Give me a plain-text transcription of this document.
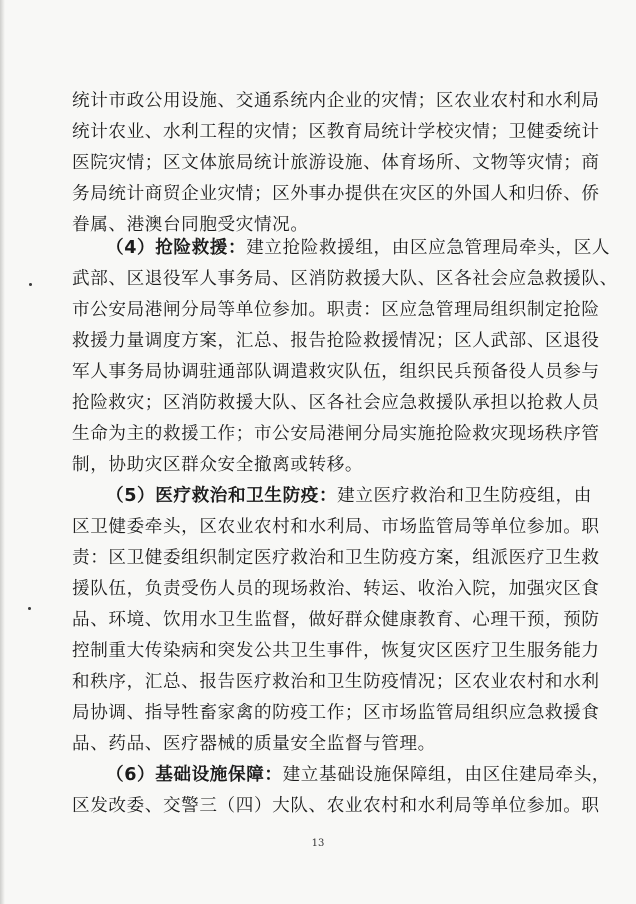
统计市政公用设施、交通系统内企业的灾情；区农业农村和水利局
统计农业、水利工程的灾情；区教育局统计学校灾情；卫健委统计
医院灾情；区文体旅局统计旅游设施、体育场所、文物等灾情；商
务局统计商贸企业灾情；区外事办提供在灾区的外国人和归侨、侨
眷属、港澳台同胞受灾情况。
（4）抢险救援：建立抢险救援组，由区应急管理局牵头，区人
武部、区退役军人事务局、区消防救援大队、区各社会应急救援队、
市公安局港闸分局等单位参加。职责：区应急管理局组织制定抢险
救援力量调度方案，汇总、报告抢险救援情况；区人武部、区退役
军人事务局协调驻通部队调遣救灾队伍，组织民兵预备役人员参与
抢险救灾；区消防救援大队、区各社会应急救援队承担以抢救人员
生命为主的救援工作；市公安局港闸分局实施抢险救灾现场秩序管
制，协助灾区群众安全撤离或转移。
（5）医疗救治和卫生防疫：建立医疗救治和卫生防疫组，由
区卫健委牵头，区农业农村和水利局、市场监管局等单位参加。职
责：区卫健委组织制定医疗救治和卫生防疫方案，组派医疗卫生救
援队伍，负责受伤人员的现场救治、转运、收治入院，加强灾区食
品、环境、饮用水卫生监督，做好群众健康教育、心理干预，预防
控制重大传染病和突发公共卫生事件，恢复灾区医疗卫生服务能力
和秩序，汇总、报告医疗救治和卫生防疫情况；区农业农村和水利
局协调、指导牲畜家禽的防疫工作；区市场监管局组织应急救援食
品、药品、医疗器械的质量安全监督与管理。
（6）基础设施保障：建立基础设施保障组，由区住建局牵头，
区发改委、交警三（四）大队、农业农村和水利局等单位参加。职
13
